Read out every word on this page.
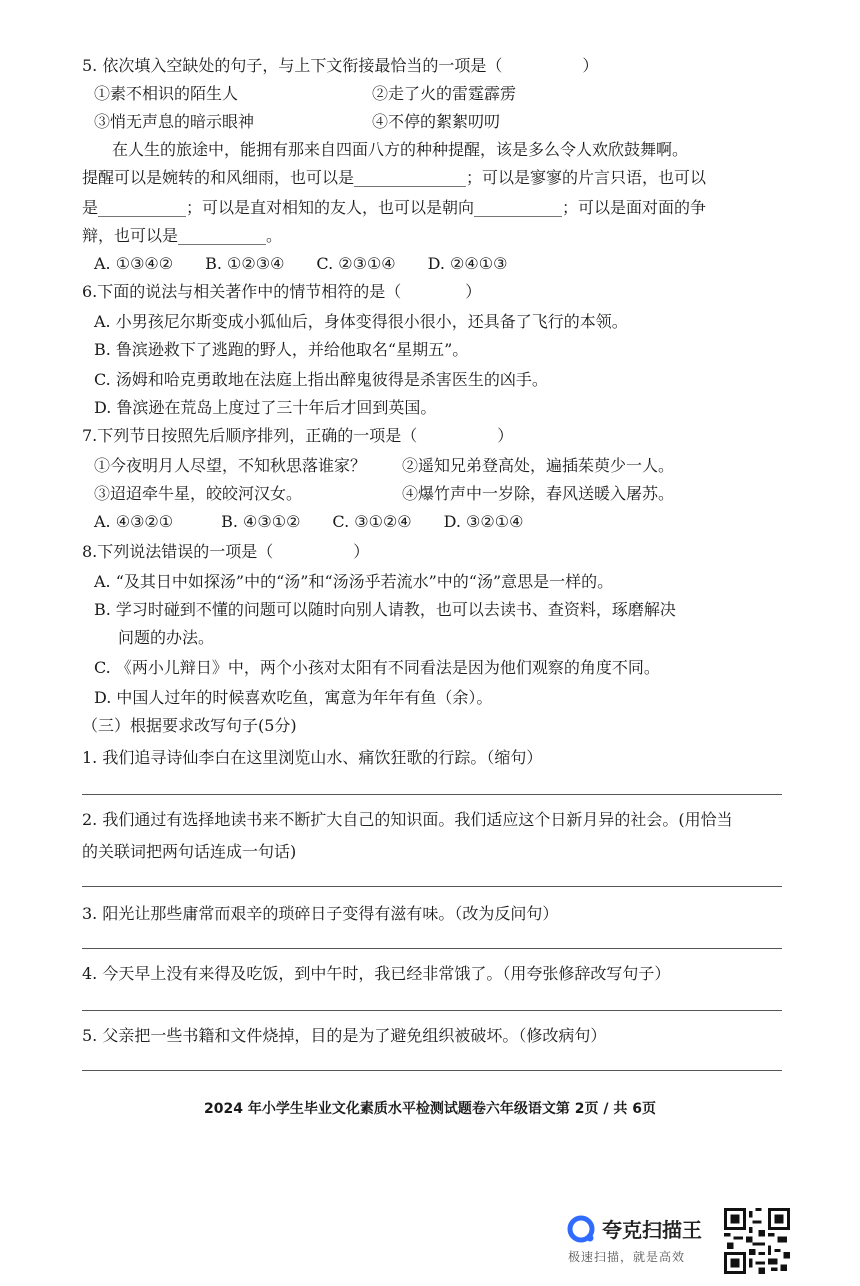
5. 依次填入空缺处的句子，与上下文衔接最恰当的一项是（　　　　　）
①素不相识的陌生人	②走了火的雷霆霹雳
③悄无声息的暗示眼神	④不停的絮絮叨叨
在人生的旅途中，能拥有那来自四面八方的种种提醒，该是多么令人欢欣鼓舞啊。
提醒可以是婉转的和风细雨，也可以是______________；可以是寥寥的片言只语，也可以
是___________；可以是直对相知的友人，也可以是朝向___________；可以是面对面的争
辩，也可以是___________。
A. ①③④②　　B. ①②③④　　C. ②③①④　　D. ②④①③
6.下面的说法与相关著作中的情节相符的是（　　　　）
A. 小男孩尼尔斯变成小狐仙后，身体变得很小很小，还具备了飞行的本领。
B. 鲁滨逊救下了逃跑的野人，并给他取名“星期五”。
C. 汤姆和哈克勇敢地在法庭上指出醉鬼彼得是杀害医生的凶手。
D. 鲁滨逊在荒岛上度过了三十年后才回到英国。
7.下列节日按照先后顺序排列，正确的一项是（　　　　　）
①今夜明月人尽望，不知秋思落谁家？ ②遥知兄弟登高处，遍插茱萸少一人。
③迢迢牵牛星，皎皎河汉女。	④爆竹声中一岁除，春风送暖入屠苏。
A. ④③②①　　　B. ④③①②　　C. ③①②④　　D. ③②①④
8.下列说法错误的一项是（　　　　　）
A. “及其日中如探汤”中的“汤”和“汤汤乎若流水”中的“汤”意思是一样的。
B. 学习时碰到不懂的问题可以随时向别人请教，也可以去读书、查资料，琢磨解决
问题的办法。
C. 《两小儿辩日》中，两个小孩对太阳有不同看法是因为他们观察的角度不同。
D. 中国人过年的时候喜欢吃鱼，寓意为年年有鱼（余）。
（三）根据要求改写句子(5分)
1. 我们追寻诗仙李白在这里浏览山水、痛饮狂歌的行踪。（缩句）
2. 我们通过有选择地读书来不断扩大自己的知识面。我们适应这个日新月异的社会。(用恰当
的关联词把两句话连成一句话)
3. 阳光让那些庸常而艰辛的琐碎日子变得有滋有味。（改为反问句）
4. 今天早上没有来得及吃饭，到中午时，我已经非常饿了。（用夸张修辞改写句子）
5. 父亲把一些书籍和文件烧掉，目的是为了避免组织被破坏。（修改病句）
2024 年小学生毕业文化素质水平检测试题卷六年级语文第 2页 / 共 6页
夸克扫描王
极速扫描，就是高效
